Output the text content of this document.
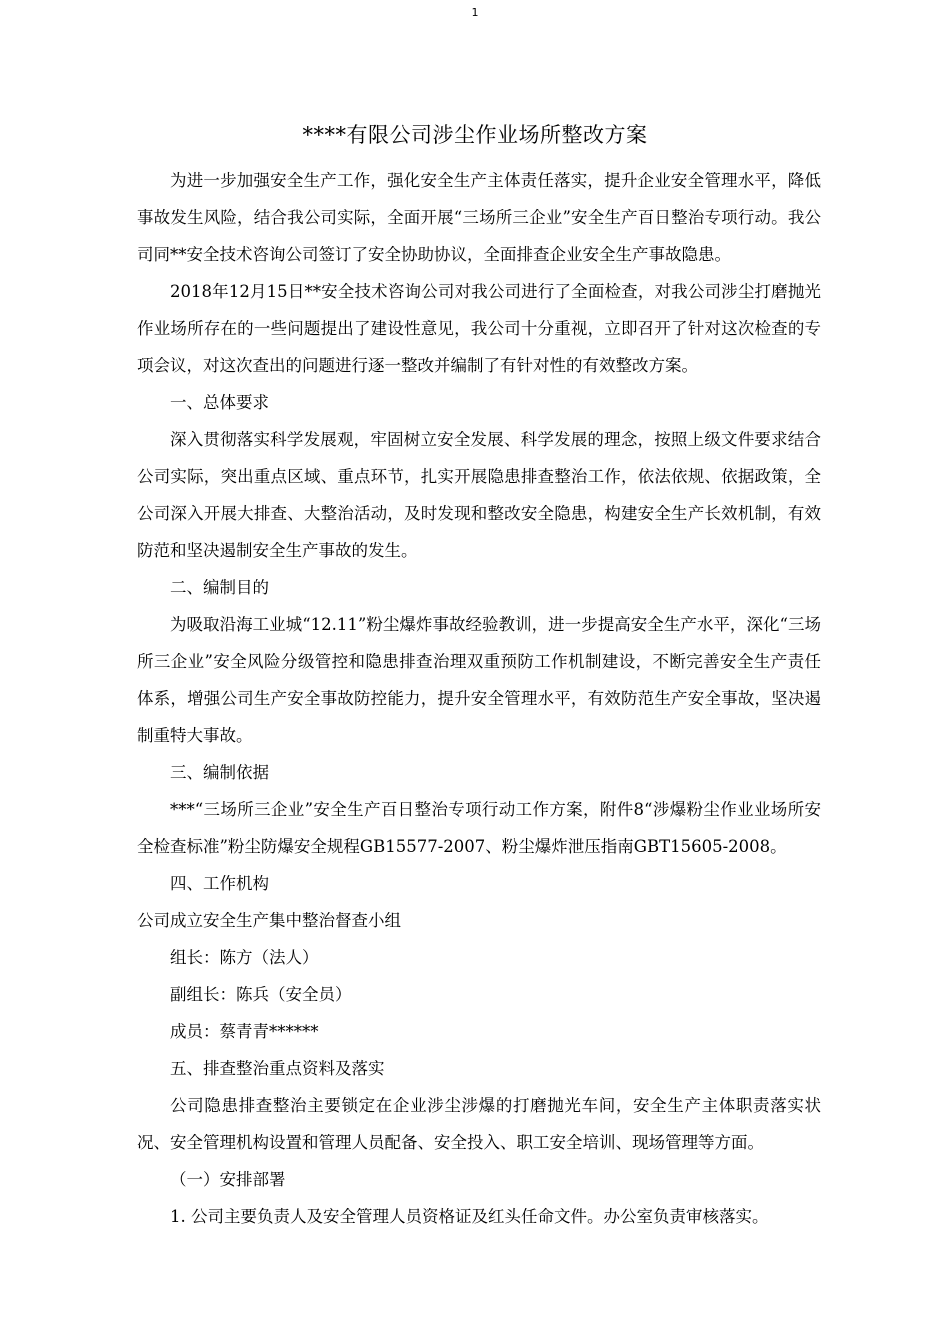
1
****有限公司涉尘作业场所整改方案

为进一步加强安全生产工作，强化安全生产主体责任落实，提升企业安全管理水平，降低事故发生风险，结合我公司实际，全面开展“三场所三企业”安全生产百日整治专项行动。我公司同**安全技术咨询公司签订了安全协助协议，全面排查企业安全生产事故隐患。

2018年12月15日**安全技术咨询公司对我公司进行了全面检查，对我公司涉尘打磨抛光作业场所存在的一些问题提出了建设性意见，我公司十分重视，立即召开了针对这次检查的专项会议，对这次查出的问题进行逐一整改并编制了有针对性的有效整改方案。

一、总体要求

深入贯彻落实科学发展观，牢固树立安全发展、科学发展的理念，按照上级文件要求结合公司实际，突出重点区域、重点环节，扎实开展隐患排查整治工作，依法依规、依据政策，全公司深入开展大排查、大整治活动，及时发现和整改安全隐患，构建安全生产长效机制，有效防范和坚决遏制安全生产事故的发生。

二、编制目的

为吸取沿海工业城“12.11”粉尘爆炸事故经验教训，进一步提高安全生产水平，深化“三场所三企业”安全风险分级管控和隐患排查治理双重预防工作机制建设，不断完善安全生产责任体系，增强公司生产安全事故防控能力，提升安全管理水平，有效防范生产安全事故，坚决遏制重特大事故。

三、编制依据

***“三场所三企业”安全生产百日整治专项行动工作方案，附件8“涉爆粉尘作业业场所安全检查标准”粉尘防爆安全规程GB15577-2007、粉尘爆炸泄压指南GBT15605-2008。

四、工作机构

公司成立安全生产集中整治督查小组

组长：陈方（法人）

副组长：陈兵（安全员）

成员：蔡青青******

五、排查整治重点资料及落实

公司隐患排查整治主要锁定在企业涉尘涉爆的打磨抛光车间，安全生产主体职责落实状况、安全管理机构设置和管理人员配备、安全投入、职工安全培训、现场管理等方面。

（一）安排部署

1. 公司主要负责人及安全管理人员资格证及红头任命文件。办公室负责审核落实。
